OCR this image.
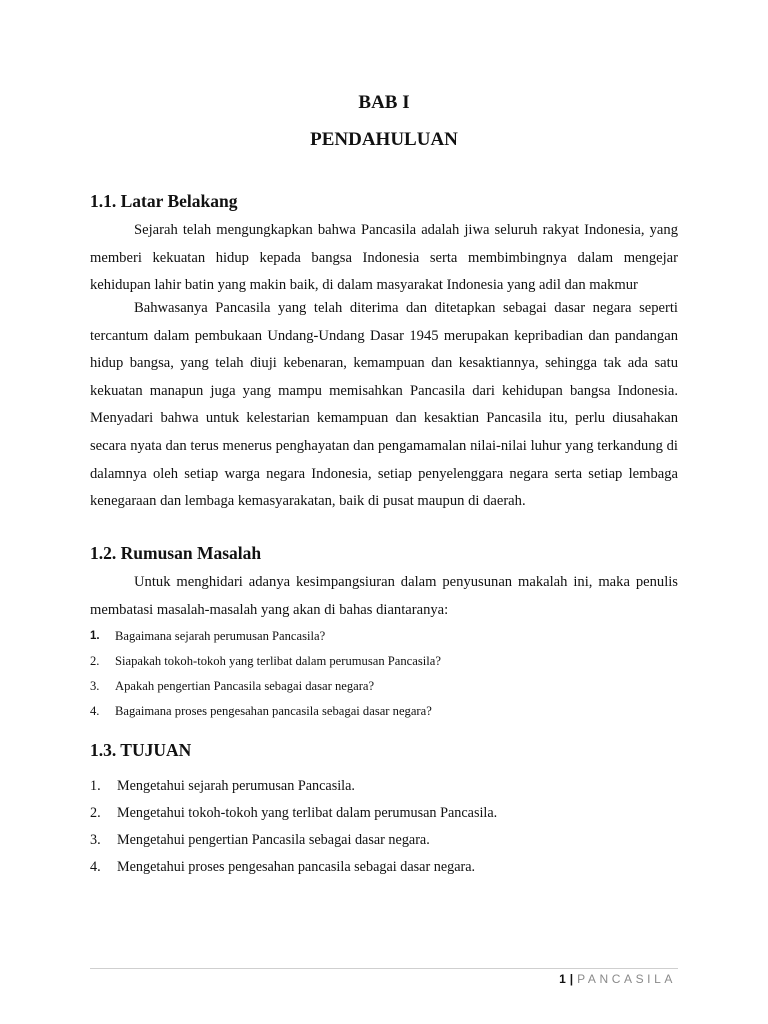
BAB I
PENDAHULUAN
1.1. Latar Belakang

Sejarah telah mengungkapkan bahwa Pancasila adalah jiwa seluruh rakyat Indonesia, yang memberi kekuatan hidup kepada bangsa Indonesia serta membimbingnya dalam mengejar kehidupan lahir batin yang makin baik, di dalam masyarakat Indonesia yang adil dan makmur

Bahwasanya Pancasila yang telah diterima dan ditetapkan sebagai dasar negara seperti tercantum dalam pembukaan Undang-Undang Dasar 1945 merupakan kepribadian dan pandangan hidup bangsa, yang telah diuji kebenaran, kemampuan dan kesaktiannya, sehingga tak ada satu kekuatan manapun juga yang mampu memisahkan Pancasila dari kehidupan bangsa Indonesia. Menyadari bahwa untuk kelestarian kemampuan dan kesaktian Pancasila itu, perlu diusahakan secara nyata dan terus menerus penghayatan dan pengamamalan nilai-nilai luhur yang terkandung di dalamnya oleh setiap warga negara Indonesia, setiap penyelenggara negara serta setiap lembaga kenegaraan dan lembaga kemasyarakatan, baik di pusat maupun di daerah.

1.2. Rumusan Masalah

Untuk menghidari adanya kesimpangsiuran dalam penyusunan makalah ini, maka penulis membatasi masalah-masalah yang akan di bahas diantaranya:

1. Bagaimana sejarah perumusan Pancasila?
2. Siapakah tokoh-tokoh yang terlibat dalam perumusan Pancasila?
3. Apakah pengertian Pancasila sebagai dasar negara?
4. Bagaimana proses pengesahan pancasila sebagai dasar negara?
1.3. TUJUAN
1. Mengetahui sejarah perumusan Pancasila.
2. Mengetahui tokoh-tokoh yang terlibat dalam perumusan Pancasila.
3. Mengetahui pengertian Pancasila sebagai dasar negara.
4. Mengetahui proses pengesahan pancasila sebagai dasar negara.
1 | PANCASILA
